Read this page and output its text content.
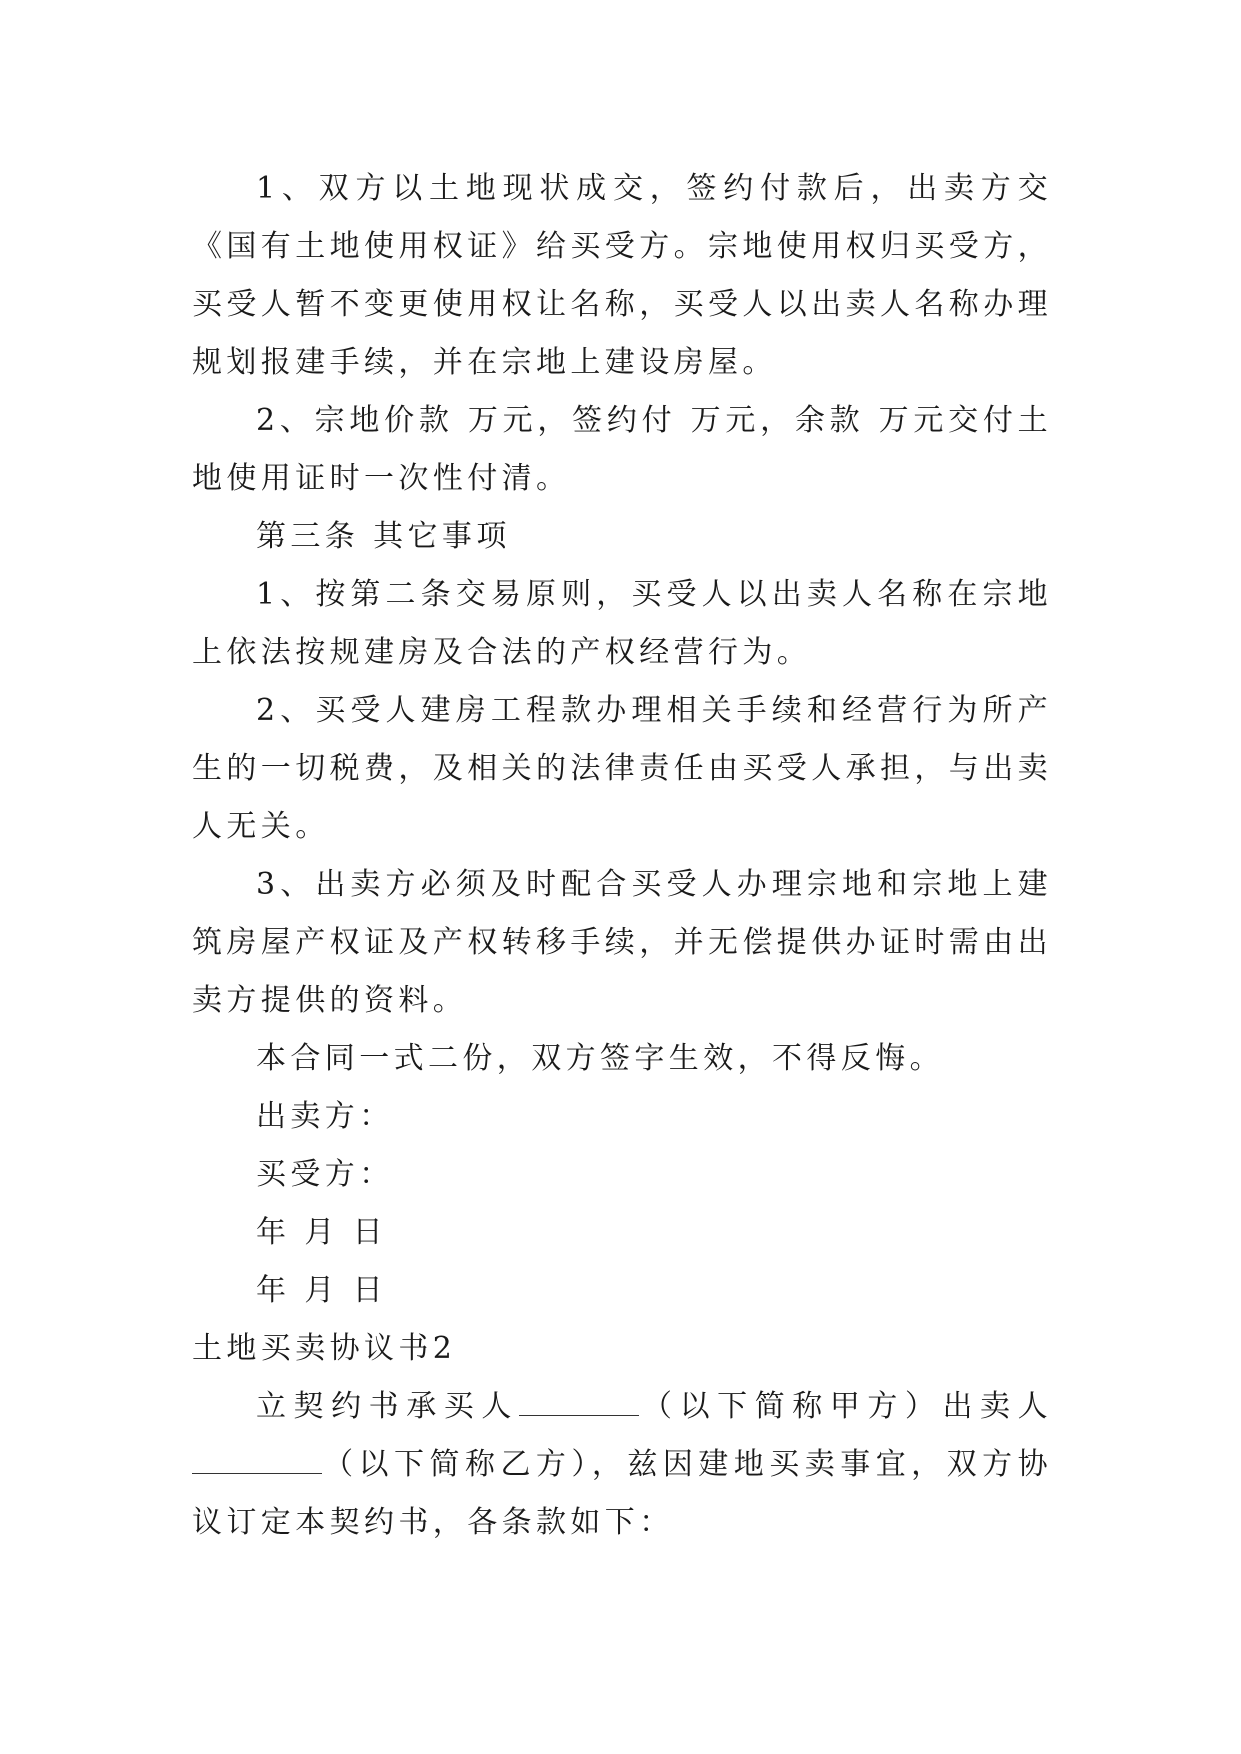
1、双方以土地现状成交，签约付款后，出卖方交《国有土地使用权证》给买受方。宗地使用权归买受方，买受人暂不变更使用权让名称，买受人以出卖人名称办理规划报建手续，并在宗地上建设房屋。

2、宗地价款 万元，签约付 万元，余款 万元交付土地使用证时一次性付清。

第三条 其它事项

1、按第二条交易原则，买受人以出卖人名称在宗地上依法按规建房及合法的产权经营行为。

2、买受人建房工程款办理相关手续和经营行为所产生的一切税费，及相关的法律责任由买受人承担，与出卖人无关。

3、出卖方必须及时配合买受人办理宗地和宗地上建筑房屋产权证及产权转移手续，并无偿提供办证时需由出卖方提供的资料。

本合同一式二份，双方签字生效，不得反悔。

出卖方：

买受方：

年 月 日

年 月 日

土地买卖协议书2

立契约书承买人	（以下简称甲方）出卖人（以下简称乙方），兹因建地买卖事宜，双方协议订定本契约书，各条款如下：
